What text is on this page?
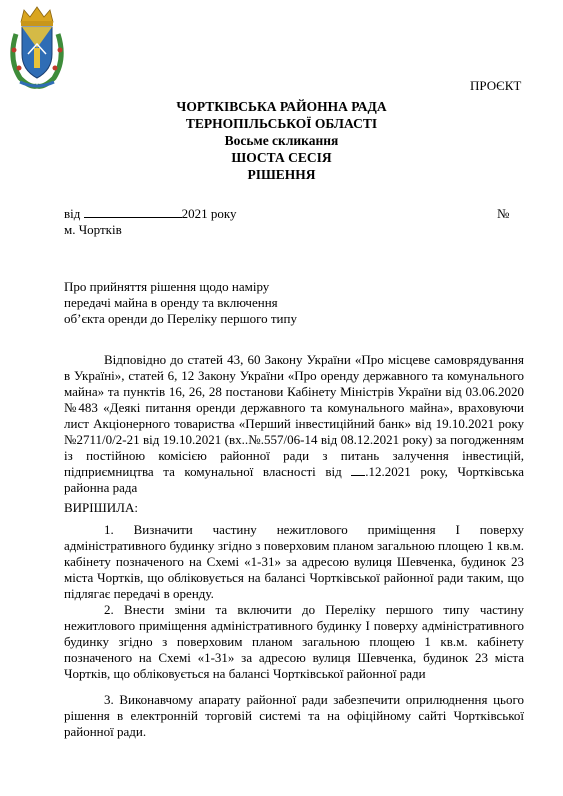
ПРОЄКТ
ЧОРТКІВСЬКА РАЙОННА РАДА
ТЕРНОПІЛЬСЬКОЇ ОБЛАСТІ
Восьме скликання
ШОСТА СЕСІЯ
РІШЕННЯ
від	2021 року	№
м. Чортків
Про прийняття рішення щодо наміру
передачі майна в оренду та включення
об’єкта оренди до Переліку першого типу
Відповідно до статей 43, 60 Закону України «Про місцеве самоврядування в Україні», статей 6, 12 Закону України «Про оренду державного та комунального майна» та пунктів 16, 26, 28 постанови Кабінету Міністрів України від 03.06.2020 №483 «Деякі питання оренди державного та комунального майна», враховуючи лист Акціонерного товариства «Перший інвестиційний банк» від 19.10.2021 року №2711/0/2-21 від 19.10.2021 (вх..№.557/06-14 від 08.12.2021 року) за погодженням із постійною комісією районної ради з питань залучення інвестицій, підприємництва та комунальної власності від .12.2021 року, Чортківська районна рада
ВИРІШИЛА:
1. Визначити частину нежитлового приміщення І поверху адміністративного будинку згідно з поверховим планом загальною площею 1 кв.м. кабінету позначеного на Схемі «1-31» за адресою вулиця Шевченка, будинок 23 міста Чортків, що обліковується на балансі Чортківської районної ради таким, що підлягає передачі в оренду.
2. Внести зміни та включити до Переліку першого типу частину нежитлового приміщення адміністративного будинку І поверху адміністративного будинку згідно з поверховим планом загальною площею 1 кв.м. кабінету позначеного на Схемі «1-31» за адресою вулиця Шевченка, будинок 23 міста Чортків, що обліковується на балансі Чортківської районної ради
3. Виконавчому апарату районної ради забезпечити оприлюднення цього рішення в електронній торговій системі та на офіційному сайті Чортківської районної ради.
